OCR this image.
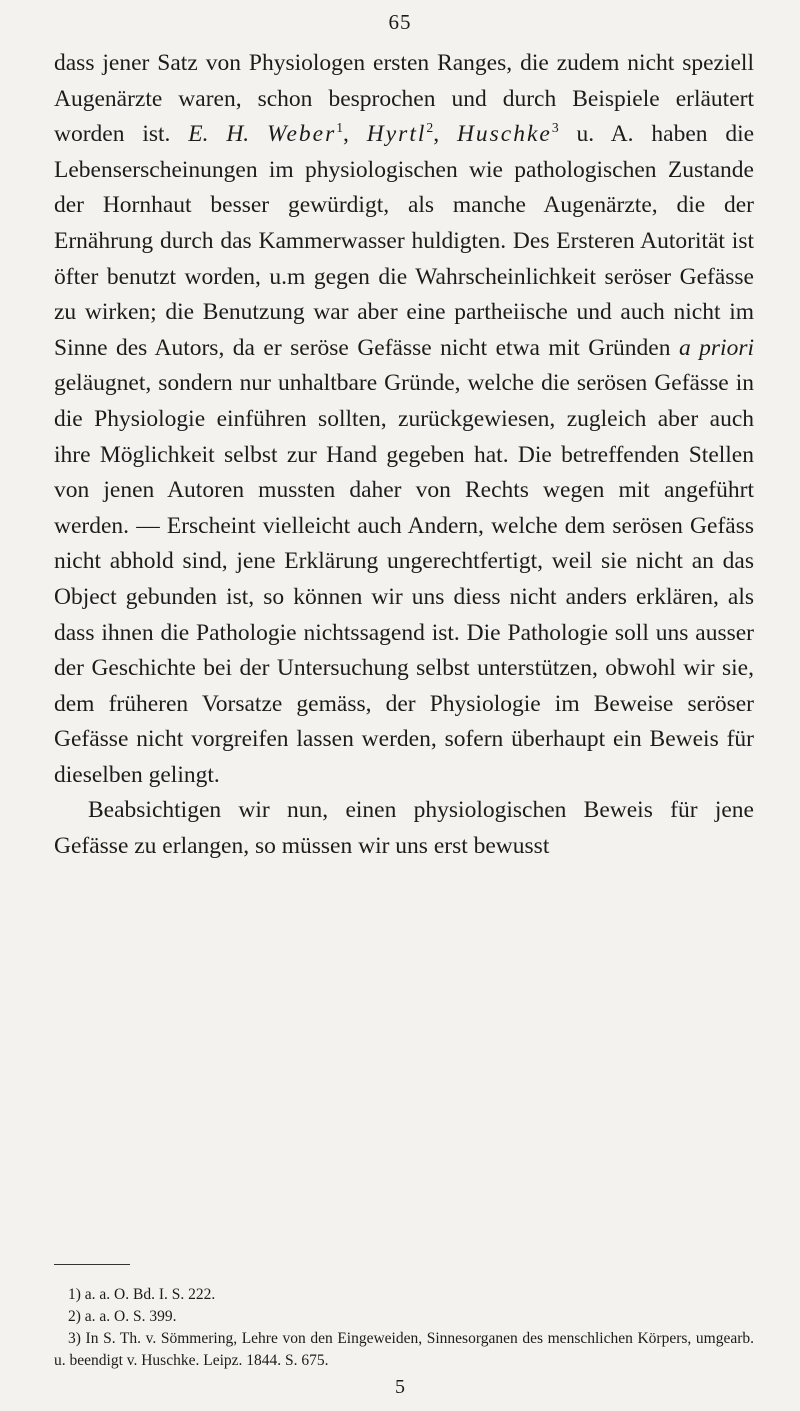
65

dass jener Satz von Physiologen ersten Ranges, die zudem nicht speziell Augenärzte waren, schon besprochen und durch Beispiele erläutert worden ist. E. H. Weber$^1$, Hyrtl$^2$, Huschke$^3$ u. A. haben die Lebenserscheinungen im physiologischen wie pathologischen Zustande der Hornhaut besser gewürdigt, als manche Augenärzte, die der Ernährung durch das Kammerwasser huldigten. Des Ersteren Autorität ist öfter benutzt worden, u.m gegen die Wahrscheinlichkeit seröser Gefässe zu wirken; die Benutzung war aber eine partheiische und auch nicht im Sinne des Autors, da er seröse Gefässe nicht etwa mit Gründen a priori geläugnet, sondern nur unhaltbare Gründe, welche die serösen Gefässe in die Physiologie einführen sollten, zurückgewiesen, zugleich aber auch ihre Möglichkeit selbst zur Hand gegeben hat. Die betreffenden Stellen von jenen Autoren mussten daher von Rechts wegen mit angeführt werden. — Erscheint vielleicht auch Andern, welche dem serösen Gefäss nicht abhold sind, jene Erklärung ungerechtfertigt, weil sie nicht an das Object gebunden ist, so können wir uns diess nicht anders erklären, als dass ihnen die Pathologie nichtssagend ist. Die Pathologie soll uns ausser der Geschichte bei der Untersuchung selbst unterstützen, obwohl wir sie, dem früheren Vorsatze gemäss, der Physiologie im Beweise seröser Gefässe nicht vorgreifen lassen werden, sofern überhaupt ein Beweis für dieselben gelingt.

Beabsichtigen wir nun, einen physiologischen Beweis für jene Gefässe zu erlangen, so müssen wir uns erst bewusst

1) a. a. O. Bd. I. S. 222.

2) a. a. O. S. 399.

3) In S. Th. v. Sömmering, Lehre von den Eingeweiden, Sinnesorganen des menschlichen Körpers, umgearb. u. beendigt v. Huschke. Leipz. 1844. S. 675.

5
